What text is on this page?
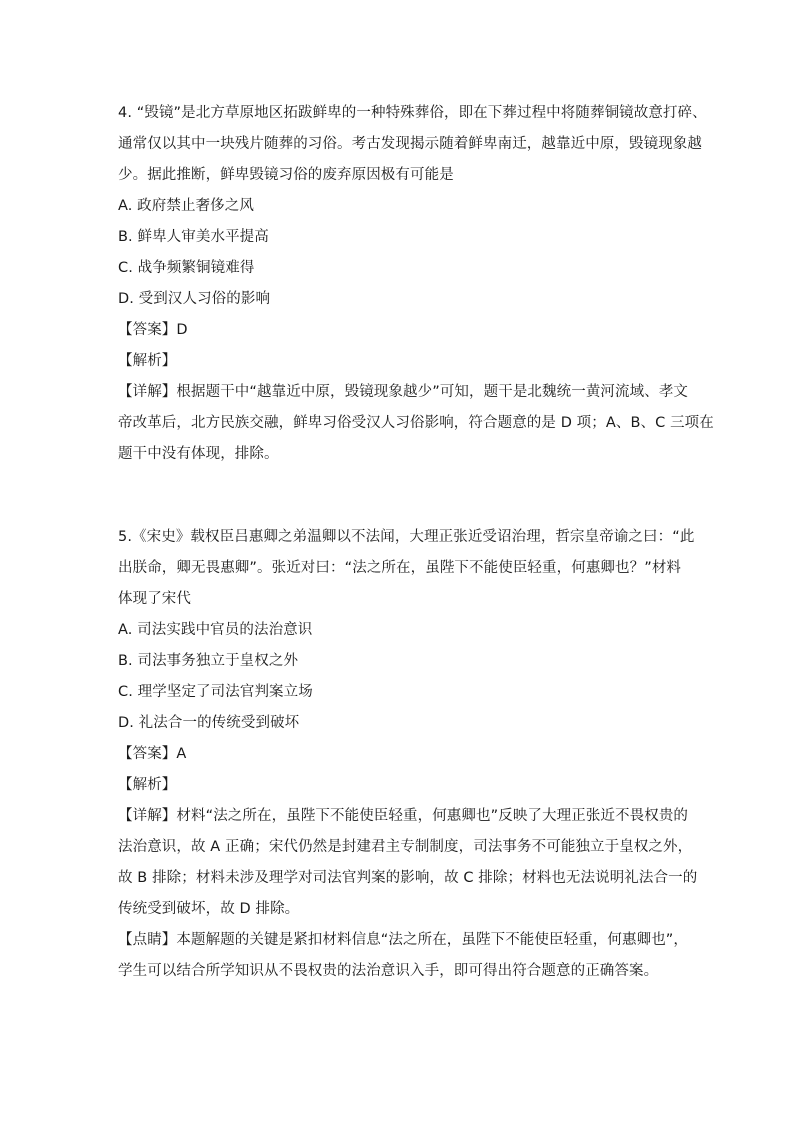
4. “毁镜”是北方草原地区拓跋鲜卑的一种特殊葬俗，即在下葬过程中将随葬铜镜故意打碎、
通常仅以其中一块残片随葬的习俗。考古发现揭示随着鲜卑南迁，越靠近中原，毁镜现象越
少。据此推断，鲜卑毁镜习俗的废弃原因极有可能是
A. 政府禁止奢侈之风
B. 鲜卑人审美水平提高
C. 战争频繁铜镜难得
D. 受到汉人习俗的影响
【答案】D
【解析】
【详解】根据题干中“越靠近中原，毁镜现象越少”可知，题干是北魏统一黄河流域、孝文
帝改革后，北方民族交融，鲜卑习俗受汉人习俗影响，符合题意的是 D 项；A、B、C 三项在
题干中没有体现，排除。
5.《宋史》载权臣吕惠卿之弟温卿以不法闻，大理正张近受诏治理，哲宗皇帝谕之曰：“此
出朕命，卿无畏惠卿”。张近对曰：“法之所在，虽陛下不能使臣轻重，何惠卿也？”材料
体现了宋代
A. 司法实践中官员的法治意识
B. 司法事务独立于皇权之外
C. 理学坚定了司法官判案立场
D. 礼法合一的传统受到破坏
【答案】A
【解析】
【详解】材料“法之所在，虽陛下不能使臣轻重，何惠卿也”反映了大理正张近不畏权贵的
法治意识，故 A 正确；宋代仍然是封建君主专制制度，司法事务不可能独立于皇权之外，
故 B 排除；材料未涉及理学对司法官判案的影响，故 C 排除；材料也无法说明礼法合一的
传统受到破坏，故 D 排除。
【点睛】本题解题的关键是紧扣材料信息“法之所在，虽陛下不能使臣轻重，何惠卿也”，
学生可以结合所学知识从不畏权贵的法治意识入手，即可得出符合题意的正确答案。
